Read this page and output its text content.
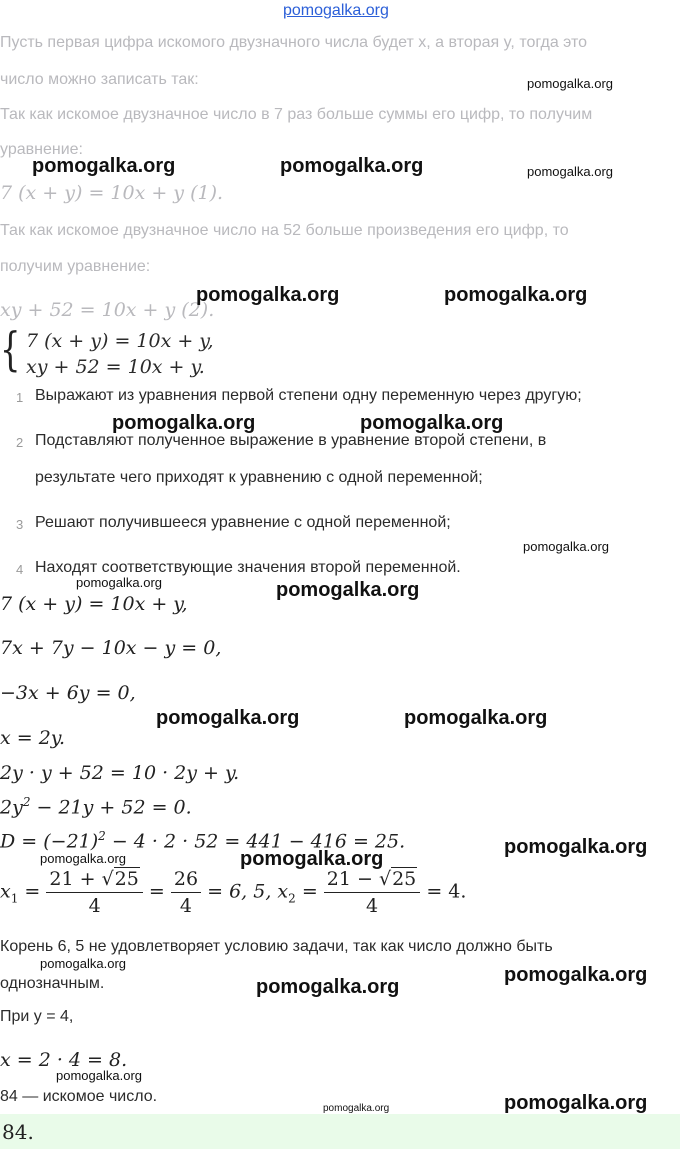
pomogalka.org
Пусть первая цифра искомого двузначного числа будет x, а вторая y, тогда это
число можно записать так:
Так как искомое двузначное число в 7 раз больше суммы его цифр, то получим
уравнение:
7 (x + y) = 10x + y (1).
Так как искомое двузначное число на 52 больше произведения его цифр, то
получим уравнение:
xy + 52 = 10x + y (2).
{ 7 (x + y) = 10x + y,
xy + 52 = 10x + y.
1 Выражают из уравнения первой степени одну переменную через другую;
2 Подставляют полученное выражение в уравнение второй степени, в
результате чего приходят к уравнению с одной переменной;
3 Решают получившееся уравнение с одной переменной;
4 Находят соответствующие значения второй переменной.
7 (x + y) = 10x + y,
7x + 7y − 10x − y = 0,
−3x + 6y = 0,
x = 2y.
2y · y + 52 = 10 · 2y + y.
$2y^2 - 21y + 52 = 0$.
$D = (-21)^2 - 4 \cdot 2 \cdot 52 = 441 - 416 = 25$.
$x_1 = \frac{21 + √25}{4} = \frac{26}{4} = 6$, 5, $x_2 = \frac{21 - √25}{4} = 4$.
Корень 6, 5 не удовлетворяет условию задачи, так как число должно быть
однозначным.
При y = 4,
x = 2 · 4 = 8.
84 — искомое число.
84.
pomogalka.org
pomogalka.org	pomogalka.org	pomogalka.org
pomogalka.org	pomogalka.org
pomogalka.org	pomogalka.org
pomogalka.org
pomogalka.org	pomogalka.org
pomogalka.org	pomogalka.org
pomogalka.org
pomogalka.org	pomogalka.org
pomogalka.org
pomogalka.org
pomogalka.org
pomogalka.org
pomogalka.org
pomogalka.org
